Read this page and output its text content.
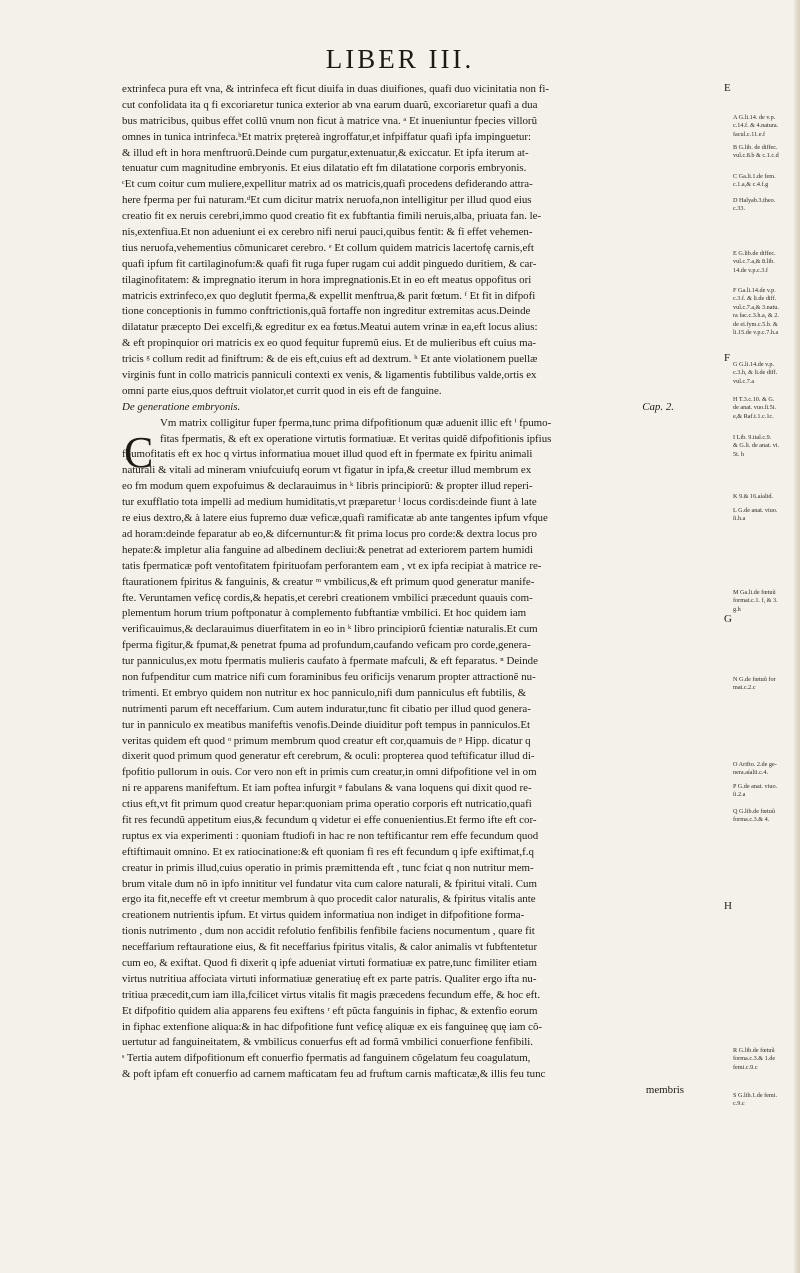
LIBER III.
extrinfeca pura eft vna, & intrinfeca eft ficut diuifa in duas diuifiones, quafi duo vicinitatia non fi-
cut confolidata ita q fi excoriaretur tunica exterior ab vna earum duarũ, excoriaretur quafi a dua
bus matricibus, quibus effet collũ vnum non ficut à matrice vna. ᵃ Et inueniuntur fpecies villorũ
omnes in tunica intrinfeca.ᵇEt matrix prętereà ingroffatur,et infpiffatur quafi ipfa impinguetur:
& illud eft in hora menftruorũ.Deinde cum purgatur,extenuatur,& exiccatur. Et ipfa iterum at-
tenuatur cum magnitudine embryonis. Et eius dilatatio eft fm dilatatione corporis embryonis.
ᶜEt cum coitur cum muliere,expellitur matrix ad os matricis,quafi procedens defiderando attra-
here fperma per fui naturam.ᵈEt cum dicitur matrix neruofa,non intelligitur per illud quod eius
creatio fit ex neruis cerebri,immo quod creatio fit ex fubftantia fimili neruis,alba, priuata fan. le-
nis,extenfiua.Et non adueniunt ei ex cerebro nifi nerui pauci,quibus fentit: & fi effet vehemen-
tius neruofa,vehementius cõmunicaret cerebro. ᵉ Et collum quidem matricis lacertofę carnis,eft
quafi ipfum fit cartilaginofum:& quafi fit ruga fuper rugam cui addit pinguedo duritiem, & car-
tilaginofitatem: & impregnatio iterum in hora impregnationis.Et in eo eft meatus oppofitus ori
matricis extrinfeco,ex quo deglutit fperma,& expellit menftrua,& parit fœtum. ᶠ Et fit in difpofi
tione conceptionis in fummo conftrictionis,quã fortaffe non ingreditur extremitas acus.Deinde
dilatatur præcepto Dei excelfi,& egreditur ex ea fœtus.Meatui autem vrinæ in ea,eft locus alius:
& eft propinquior ori matricis ex eo quod fequitur fupremũ eius. Et de mulieribus eft cuius ma-
tricis ᵍ collum redit ad finiftrum: & de eis eft,cuius eft ad dextrum. ʰ Et ante violationem puellæ
virginis funt in collo matricis panniculi contexti ex venis, & ligamentis fubtilibus valde,ortis ex
omni parte eius,quos deftruit violator,et currit quod in eis eft de fanguine.
De generatione embryonis.	Cap. 2.
Vm matrix colligitur fuper fperma,tunc prima difpofitionum quæ aduenit illic eft ⁱ fpumo-
fitas fpermatis, & eft ex operatione virtutis formatiuæ. Et veritas quidẽ difpofitionis ipfius
fpumofitatis eft ex hoc q virtus informatiua mouet illud quod eft in fpermate ex fpiritu animali
naturali & vitali ad mineram vniufcuiufq eorum vt figatur in ipfa,& creetur illud membrum ex
eo fm modum quem expofuimus & declarauimus in ᵏ libris principiorũ: & propter illud reperi-
tur exufflatio tota impelli ad medium humiditatis,vt præparetur ˡ locus cordis:deinde fiunt à late
re eius dextro,& à latere eius fupremo duæ veficæ,quafi ramificatæ ab ante tangentes ipfum vfque
ad horam:deinde feparatur ab eo,& difcernuntur:& fit prima locus pro corde:& dextra locus pro
hepate:& impletur alia fanguine ad albedinem decliui:& penetrat ad exteriorem partem humidi
tatis fpermaticæ poft ventofitatem fpirituofam perforantem eam , vt ex ipfa recipiat à matrice re-
ftaurationem fpiritus & fanguinis, & creatur ᵐ vmbilicus,& eft primum quod generatur manife-
fte. Veruntamen veficę cordis,& hepatis,et cerebri creationem vmbilici præcedunt quauis com-
plementum horum trium poftponatur à complemento fubftantiæ vmbilici. Et hoc quidem iam
verificauimus,& declarauimus diuerfitatem in eo in ᵏ libro principiorũ fcientiæ naturalis.Et cum
fperma figitur,& fpumat,& penetrat fpuma ad profundum,caufando veficam pro corde,genera-
tur panniculus,ex motu fpermatis mulieris caufato à fpermate mafculi, & eft feparatus. ⁿ Deinde
non fufpenditur cum matrice nifi cum foraminibus feu orificijs venarum propter attractionẽ nu-
trimenti. Et embryo quidem non nutritur ex hoc panniculo,nifi dum panniculus eft fubtilis, &
nutrimenti parum eft neceffarium. Cum autem induratur,tunc fit cibatio per illud quod genera-
tur in panniculo ex meatibus manifeftis venofis.Deinde diuiditur poft tempus in panniculos.Et
veritas quidem eft quod ᵒ primum membrum quod creatur eft cor,quamuis de ᵖ Hipp. dicatur q
dixerit quod primum quod generatur eft cerebrum, & oculi: propterea quod teftificatur illud di-
fpofitio pullorum in ouis. Cor vero non eft in primis cum creatur,in omni difpofitione vel in om
ni re apparens manifeftum. Et iam poftea infurgit ᵠ fabulans & vana loquens qui dixit quod re-
ctius eft,vt fit primum quod creatur hepar:quoniam prima operatio corporis eft nutricatio,quafi
fit res fecundũ appetitum eius,& fecundum q videtur ei effe conuenientius.Et fermo ifte eft cor-
ruptus ex via experimenti : quoniam ftudiofi in hac re non teftificantur rem effe fecundum quod
eftiftimauit omnino. Et ex ratiocinatione:& eft quoniam fi res eft fecundum q ipfe exiftimat,f.q
creatur in primis illud,cuius operatio in primis præmittenda eft , tunc fciat q non nutritur mem-
brum vitale dum nõ in ipfo innititur vel fundatur vita cum calore naturali, & fpiritui vitali. Cum
ergo ita fit,neceffe eft vt creetur membrum à quo procedit calor naturalis, & fpiritus vitalis ante
creationem nutrientis ipfum. Et virtus quidem informatiua non indiget in difpofitione forma-
tionis nutrimento , dum non accidit refolutio fenfibilis fenfibile faciens nocumentum , quare fit
neceffarium reftauratione eius, & fit neceffarius fpiritus vitalis, & calor animalis vt fubftentetur
cum eo, & exiftat. Quod fi dixerit q ipfe adueniat virtuti formatiuæ ex patre,tunc fimiliter etiam
virtus nutritiua affociata virtuti informatiuæ generatiuę eft ex parte patris. Qualiter ergo ifta nu-
tritiua præcedit,cum iam illa,fcilicet virtus vitalis fit magis præcedens fecundum effe, & hoc eft.
Et difpofitio quidem alia apparens feu exiftens ʳ eft pũcta fanguinis in fiphac, & extenfio eorum
in fiphac extenfione aliqua:& in hac difpofitione funt veficę aliquæ ex eis fanguineę quę iam cõ-
uertutur ad fanguineitatem, & vmbilicus conuerfus eft ad formã vmbilici conuerfione fenfibili.
ˢ Tertia autem difpofitionum eft conuerfio fpermatis ad fanguinem cõgelatum feu coagulatum,
& poft ipfam eft conuerfio ad carnem mafticatam feu ad fruftum carnis mafticatæ,& illis feu tunc
membris
C
E
F
G
H
A G.li.14. de v.p.
c.14.f. & 4.natura.
facul.c.11.e.f
B G.lib. de diffec.
vul.c.8.b & c.1.c.d
C Ga.li.1.de fem.
c.1.a,& c.4.f.g
D Halyab.3.theo.
c.33.
E G.lib.de diffec.
vul.c.7.a,& 8.lib.
14.de v.p.c.3.f
F Ga.li.14.de v.p.
c.3.f. & li.de diff.
vul.c.7.a,& 3.natu.
ra fac.c.3.h.a, & 2.
de ei.fym.c.5.b. &
li.15.de v.p.c.7.h.a
G G.li.14.de v.p.
c.3.h, & li.de diff.
vul.c.7.a
H T.3.c.10. & G.
de anat. vuo.ſi.5i.
e,& Raf.t.1.c.1c.
I Lib. 9.ital.c.9.
& G.li. de anat. vi.
5t. h
K 9.& 16.aíalid.
L G.de anat. viuo.
ſi.h.a
M Ga.li.de fœtuũ
format.c.1. f, & 3.
g.h
N G.de fœtuũ for
mat.c.2.c
O Arifto. 2.de ge-
nera.aíalii.c.4.
P G.de anat. viuo.
ſi.2.a
Q G.lib.de fœtuũ
forma.c.3.& 4.
R G.lib.de fœtuũ
forma.c.3.& 1.de
femi.c.9.c
S G.lib.1.de femi.
c.9.c
